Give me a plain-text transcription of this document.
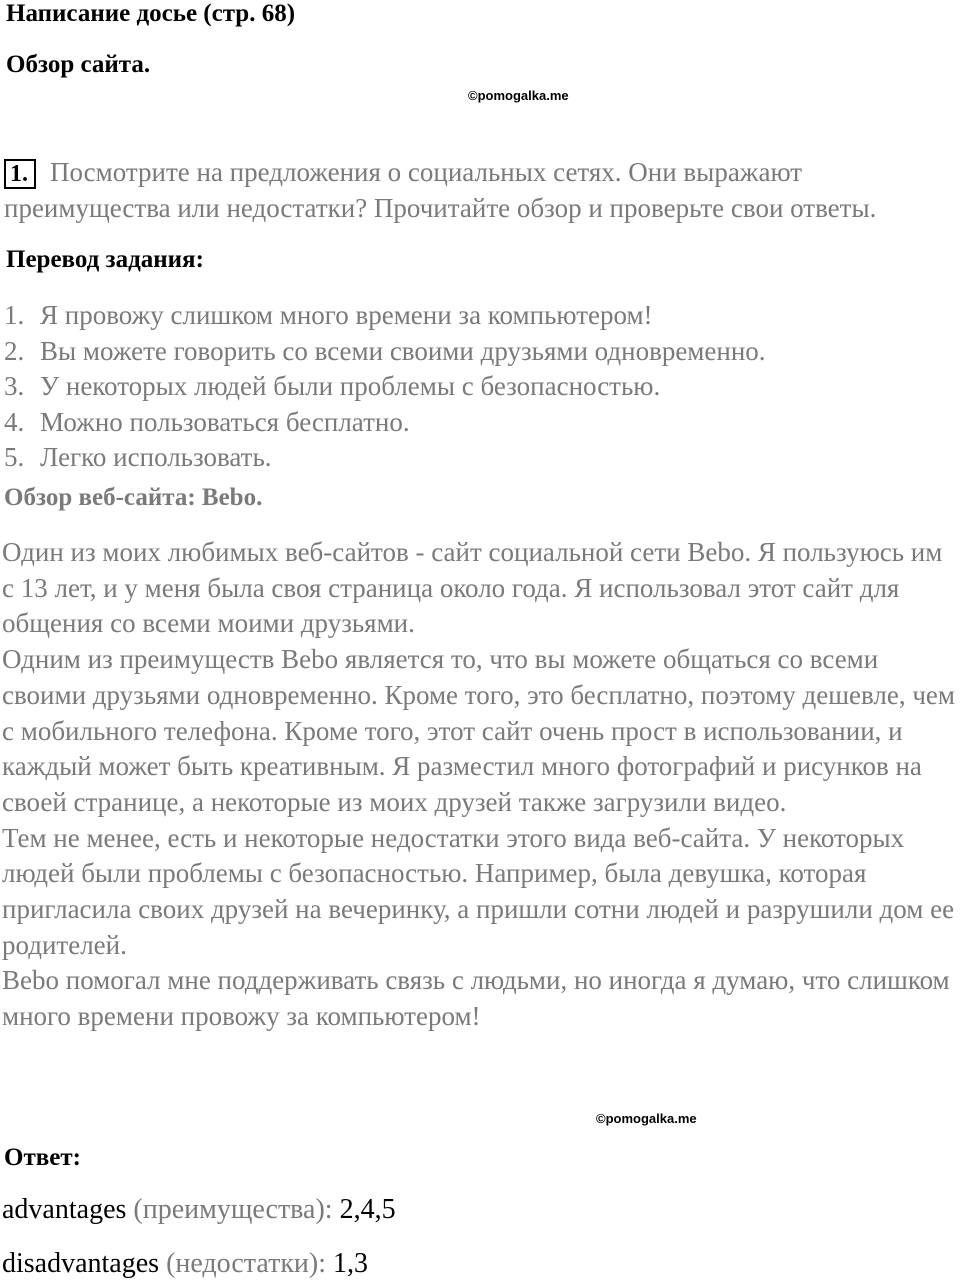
Написание досье (стр. 68)
Обзор сайта.
©pomogalka.me
1. Посмотрите на предложения о социальных сетях. Они выражают преимущества или недостатки? Прочитайте обзор и проверьте свои ответы.
Перевод задания:
1. Я провожу слишком много времени за компьютером!
2. Вы можете говорить со всеми своими друзьями одновременно.
3. У некоторых людей были проблемы с безопасностью.
4. Можно пользоваться бесплатно.
5. Легко использовать.
Обзор веб-сайта: Bebo.

Один из моих любимых веб-сайтов - сайт социальной сети Bebo. Я пользуюсь им с 13 лет, и у меня была своя страница около года. Я использовал этот сайт для общения со всеми моими друзьями.

Одним из преимуществ Bebo является то, что вы можете общаться со всеми своими друзьями одновременно. Кроме того, это бесплатно, поэтому дешевле, чем с мобильного телефона. Кроме того, этот сайт очень прост в использовании, и каждый может быть креативным. Я разместил много фотографий и рисунков на своей странице, а некоторые из моих друзей также загрузили видео.

Тем не менее, есть и некоторые недостатки этого вида веб-сайта. У некоторых людей были проблемы с безопасностью. Например, была девушка, которая пригласила своих друзей на вечеринку, а пришли сотни людей и разрушили дом ее родителей.

Bebo помогал мне поддерживать связь с людьми, но иногда я думаю, что слишком много времени провожу за компьютером!

©pomogalka.me
Ответ:
advantages (преимущества): 2,4,5
disadvantages (недостатки): 1,3
